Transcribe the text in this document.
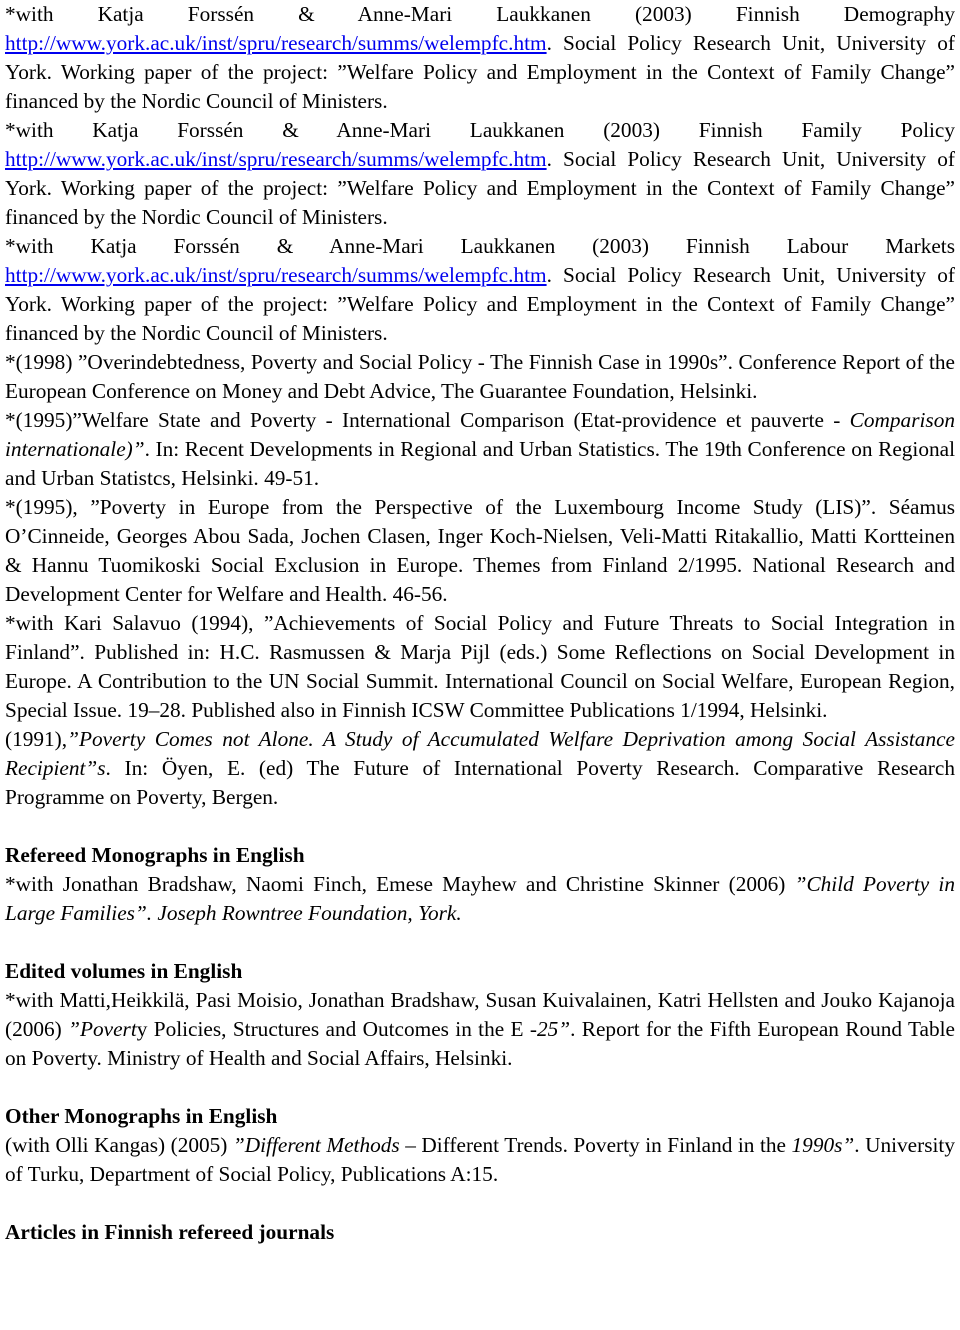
*with Katja Forssén & Anne-Mari Laukkanen (2003) Finnish Demography http://www.york.ac.uk/inst/spru/research/summs/welempfc.htm. Social Policy Research Unit, University of York. Working paper of the project: ”Welfare Policy and Employment in the Context of Family Change” financed by the Nordic Council of Ministers.

*with Katja Forssén & Anne-Mari Laukkanen (2003) Finnish Family Policy http://www.york.ac.uk/inst/spru/research/summs/welempfc.htm. Social Policy Research Unit, University of York. Working paper of the project: ”Welfare Policy and Employment in the Context of Family Change” financed by the Nordic Council of Ministers.

*with Katja Forssén & Anne-Mari Laukkanen (2003) Finnish Labour Markets http://www.york.ac.uk/inst/spru/research/summs/welempfc.htm. Social Policy Research Unit, University of York. Working paper of the project: ”Welfare Policy and Employment in the Context of Family Change” financed by the Nordic Council of Ministers.

*(1998) ”Overindebtedness, Poverty and Social Policy - The Finnish Case in 1990s”. Conference Report of the European Conference on Money and Debt Advice, The Guarantee Foundation, Helsinki.

*(1995)”Welfare State and Poverty - International Comparison (Etat-providence et pauverte - Comparison internationale)”. In: Recent Developments in Regional and Urban Statistics. The 19th Conference on Regional and Urban Statistcs, Helsinki. 49-51.

*(1995), ”Poverty in Europe from the Perspective of the Luxembourg Income Study (LIS)”. Séamus O’Cinneide, Georges Abou Sada, Jochen Clasen, Inger Koch-Nielsen, Veli-Matti Ritakallio, Matti Kortteinen & Hannu Tuomikoski Social Exclusion in Europe. Themes from Finland 2/1995. National Research and Development Center for Welfare and Health. 46-56.

*with Kari Salavuo (1994), ”Achievements of Social Policy and Future Threats to Social Integration in Finland”. Published in: H.C. Rasmussen & Marja Pijl (eds.) Some Reflections on Social Development in Europe. A Contribution to the UN Social Summit. International Council on Social Welfare, European Region, Special Issue. 19–28. Published also in Finnish ICSW Committee Publications 1/1994, Helsinki.

(1991),”Poverty Comes not Alone. A Study of Accumulated Welfare Deprivation among Social Assistance Recipient”s. In: Öyen, E. (ed) The Future of International Poverty Research. Comparative Research Programme on Poverty, Bergen.

Refereed Monographs in English

*with Jonathan Bradshaw, Naomi Finch, Emese Mayhew and Christine Skinner (2006) ”Child Poverty in Large Families”. Joseph Rowntree Foundation, York.

Edited volumes in English

*with Matti,Heikkilä, Pasi Moisio, Jonathan Bradshaw, Susan Kuivalainen, Katri Hellsten and Jouko Kajanoja (2006) ”Poverty Policies, Structures and Outcomes in the E -25”. Report for the Fifth European Round Table on Poverty. Ministry of Health and Social Affairs, Helsinki.

Other Monographs in English

(with Olli Kangas) (2005) ”Different Methods – Different Trends. Poverty in Finland in the 1990s”. University of Turku, Department of Social Policy, Publications A:15.

Articles in Finnish refereed journals
